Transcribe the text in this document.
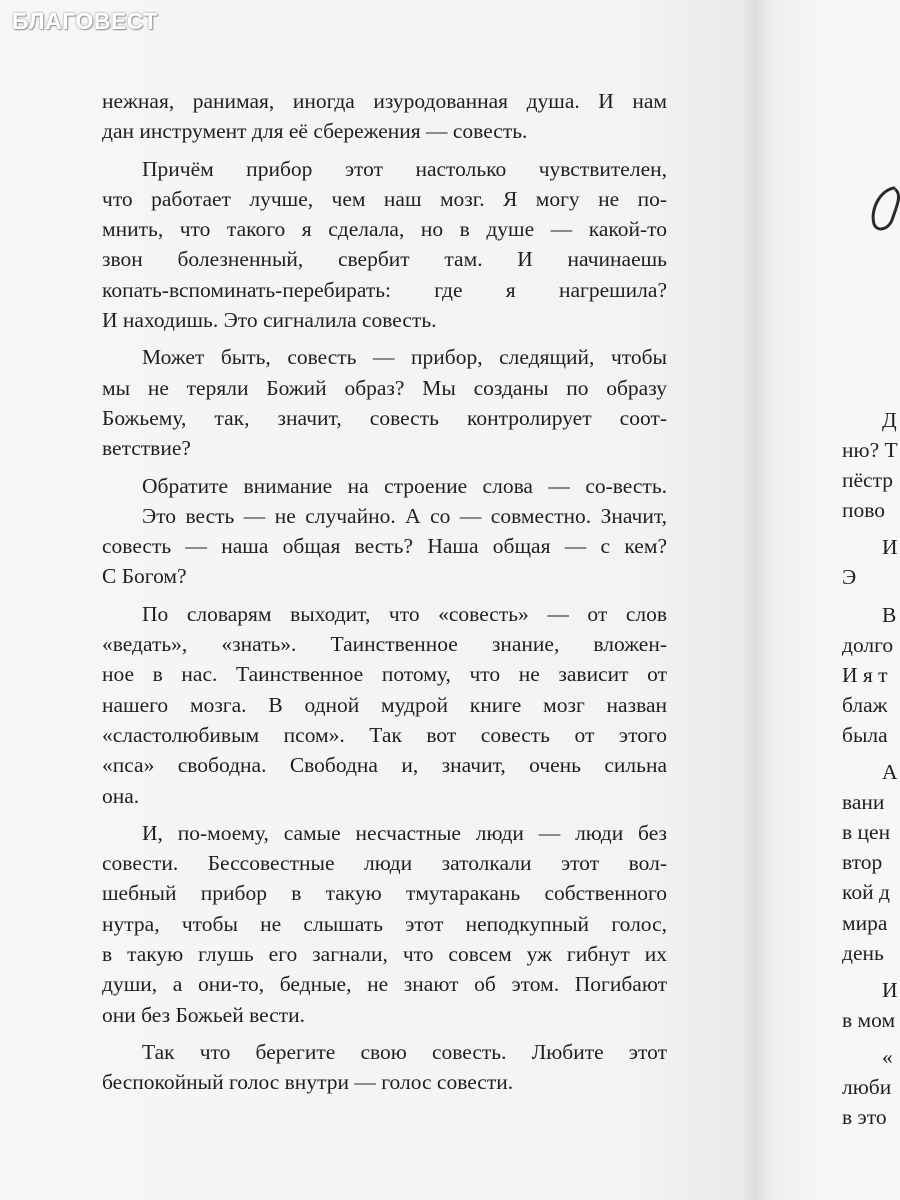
БЛАГОВЕСТ

нежная, ранимая, иногда изуродованная душа. И нам
дан инструмент для её сбережения — совесть.
Причём прибор этот настолько чувствителен,
что работает лучше, чем наш мозг. Я могу не по-
мнить, что такого я сделала, но в душе — какой-то
звон болезненный, свербит там. И начинаешь
копать-вспоминать-перебирать: где я нагрешила?
И находишь. Это сигналила совесть.
Может быть, совесть — прибор, следящий, чтобы
мы не теряли Божий образ? Мы созданы по образу
Божьему, так, значит, совесть контролирует соот-
ветствие?
Обратите внимание на строение слова — со-весть.
Это весть — не случайно. А со — совместно. Значит,
совесть — наша общая весть? Наша общая — с кем?
С Богом?
По словарям выходит, что «совесть» — от слов
«ведать», «знать». Таинственное знание, вложен-
ное в нас. Таинственное потому, что не зависит от
нашего мозга. В одной мудрой книге мозг назван
«сластолюбивым псом». Так вот совесть от этого
«пса» свободна. Свободна и, значит, очень сильна
она.
И, по-моему, самые несчастные люди — люди без
совести. Бессовестные люди затолкали этот вол-
шебный прибор в такую тмутаракань собственного
нутра, чтобы не слышать этот неподкупный голос,
в такую глушь его загнали, что совсем уж гибнут их
души, а они-то, бедные, не знают об этом. Погибают
они без Божьей вести.
Так что берегите свою совесть. Любите этот
беспокойный голос внутри — голос совести.
Д
ню? Т
пёстр
пово
И
Э
В
долго
И я т
блаж
была
А
вани
в цен
втор
кой д
мира
день
И
в мом
«
люби
в это
